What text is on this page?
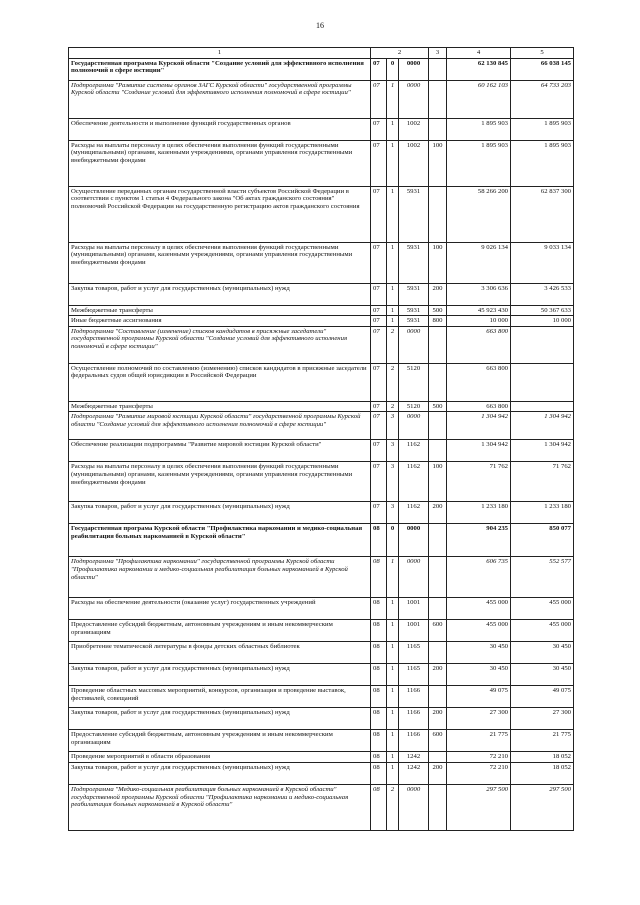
16
1	2			3	4	5
Государственная программа Курской области "Создание условий для эффективного исполнения полномочий в сфере юстиции"	07	0	0000		62 130 845	66 038 145
Подпрограмма "Развитие системы органов ЗАГС Курской области" государственной программы Курской области "Создание условий для эффективного исполнения полномочий в сфере юстиции"	07	1	0000		60 162 103	64 733 203
Обеспечение деятельности и выполнение функций государственных органов	07	1	1002		1 895 903	1 895 903
Расходы на выплаты персоналу в целях обеспечения выполнения функций государственными (муниципальными) органами, казенными учреждениями, органами управления государственными внебюджетными фондами	07	1	1002	100	1 895 903	1 895 903
Осуществление переданных органам государственной власти субъектов Российской Федерации в соответствии с пунктом 1 статьи 4 Федерального закона "Об актах гражданского состояния" полномочий Российской Федерации на государственную регистрацию актов гражданского состояния	07	1	5931		58 266 200	62 837 300
Расходы на выплаты персоналу в целях обеспечения выполнения функций государственными (муниципальными) органами, казенными учреждениями, органами управления государственными внебюджетными фондами	07	1	5931	100	9 026 134	9 033 134
Закупка товаров, работ и услуг для государственных (муниципальных) нужд	07	1	5931	200	3 306 636	3 426 533
Межбюджетные трансферты	07	1	5931	500	45 923 430	50 367 633
Иные бюджетные ассигнования	07	1	5931	800	10 000	10 000
Подпрограмма "Составление (изменение) списков кандидатов в присяжные заседатели" государственной программы Курской области "Создание условий для эффективного исполнения полномочий в сфере юстиции"	07	2	0000		663 800	
Осуществление полномочий по составлению (изменению) списков кандидатов в присяжные заседатели федеральных судов общей юрисдикции в Российской Федерации	07	2	5120		663 800	
Межбюджетные трансферты	07	2	5120	500	663 800	
Подпрограмма "Развитие мировой юстиции Курской области" государственной программы Курской области "Создание условий для эффективного исполнения полномочий в сфере юстиции"	07	3	0000		1 304 942	1 304 942
Обеспечение реализации подпрограммы "Развитие мировой юстиции Курской области"	07	3	1162		1 304 942	1 304 942
Расходы на выплаты персоналу в целях обеспечения выполнения функций государственными (муниципальными) органами, казенными учреждениями, органами управления государственными внебюджетными фондами	07	3	1162	100	71 762	71 762
Закупка товаров, работ и услуг для государственных (муниципальных) нужд	07	3	1162	200	1 233 180	1 233 180
Государственная програма Курской области "Профилактика наркомании и медико-социальная реабилитация больных наркоманией в Курской области"	08	0	0000		904 235	850 077
Подпрограмма "Профилактика наркомании" государственной программы Курской области "Профилактика наркомании и медико-социальная реабилитация больных наркоманией в Курской области"	08	1	0000		606 735	552 577
Расходы на обеспечение деятельности (оказание услуг) государственных учреждений	08	1	1001		455 000	455 000
Предоставление субсидий бюджетным, автономным учреждениям и иным некоммерческим организациям	08	1	1001	600	455 000	455 000
Приобретение тематической литературы в фонды детских областных библиотек	08	1	1165		30 450	30 450
Закупка товаров, работ и услуг для государственных (муниципальных) нужд	08	1	1165	200	30 450	30 450
Проведение областных массовых мероприятий, конкурсов, организация и проведение выставок, фестивалей, совещаний	08	1	1166		49 075	49 075
Закупка товаров, работ и услуг для государственных (муниципальных) нужд	08	1	1166	200	27 300	27 300
Предоставление субсидий бюджетным, автономным учреждениям и иным некоммерческим организациям	08	1	1166	600	21 775	21 775
Проведение мероприятий в области образования	08	1	1242		72 210	18 052
Закупка товаров, работ и услуг для государственных (муниципальных) нужд	08	1	1242	200	72 210	18 052
Подпрограмма "Медико-социальная реабилитация больных наркоманией в Курской области" государственной программы Курской области "Профилактика наркомании и медико-социальная реабилитация больных наркоманией в Курской области"	08	2	0000		297 500	297 500
